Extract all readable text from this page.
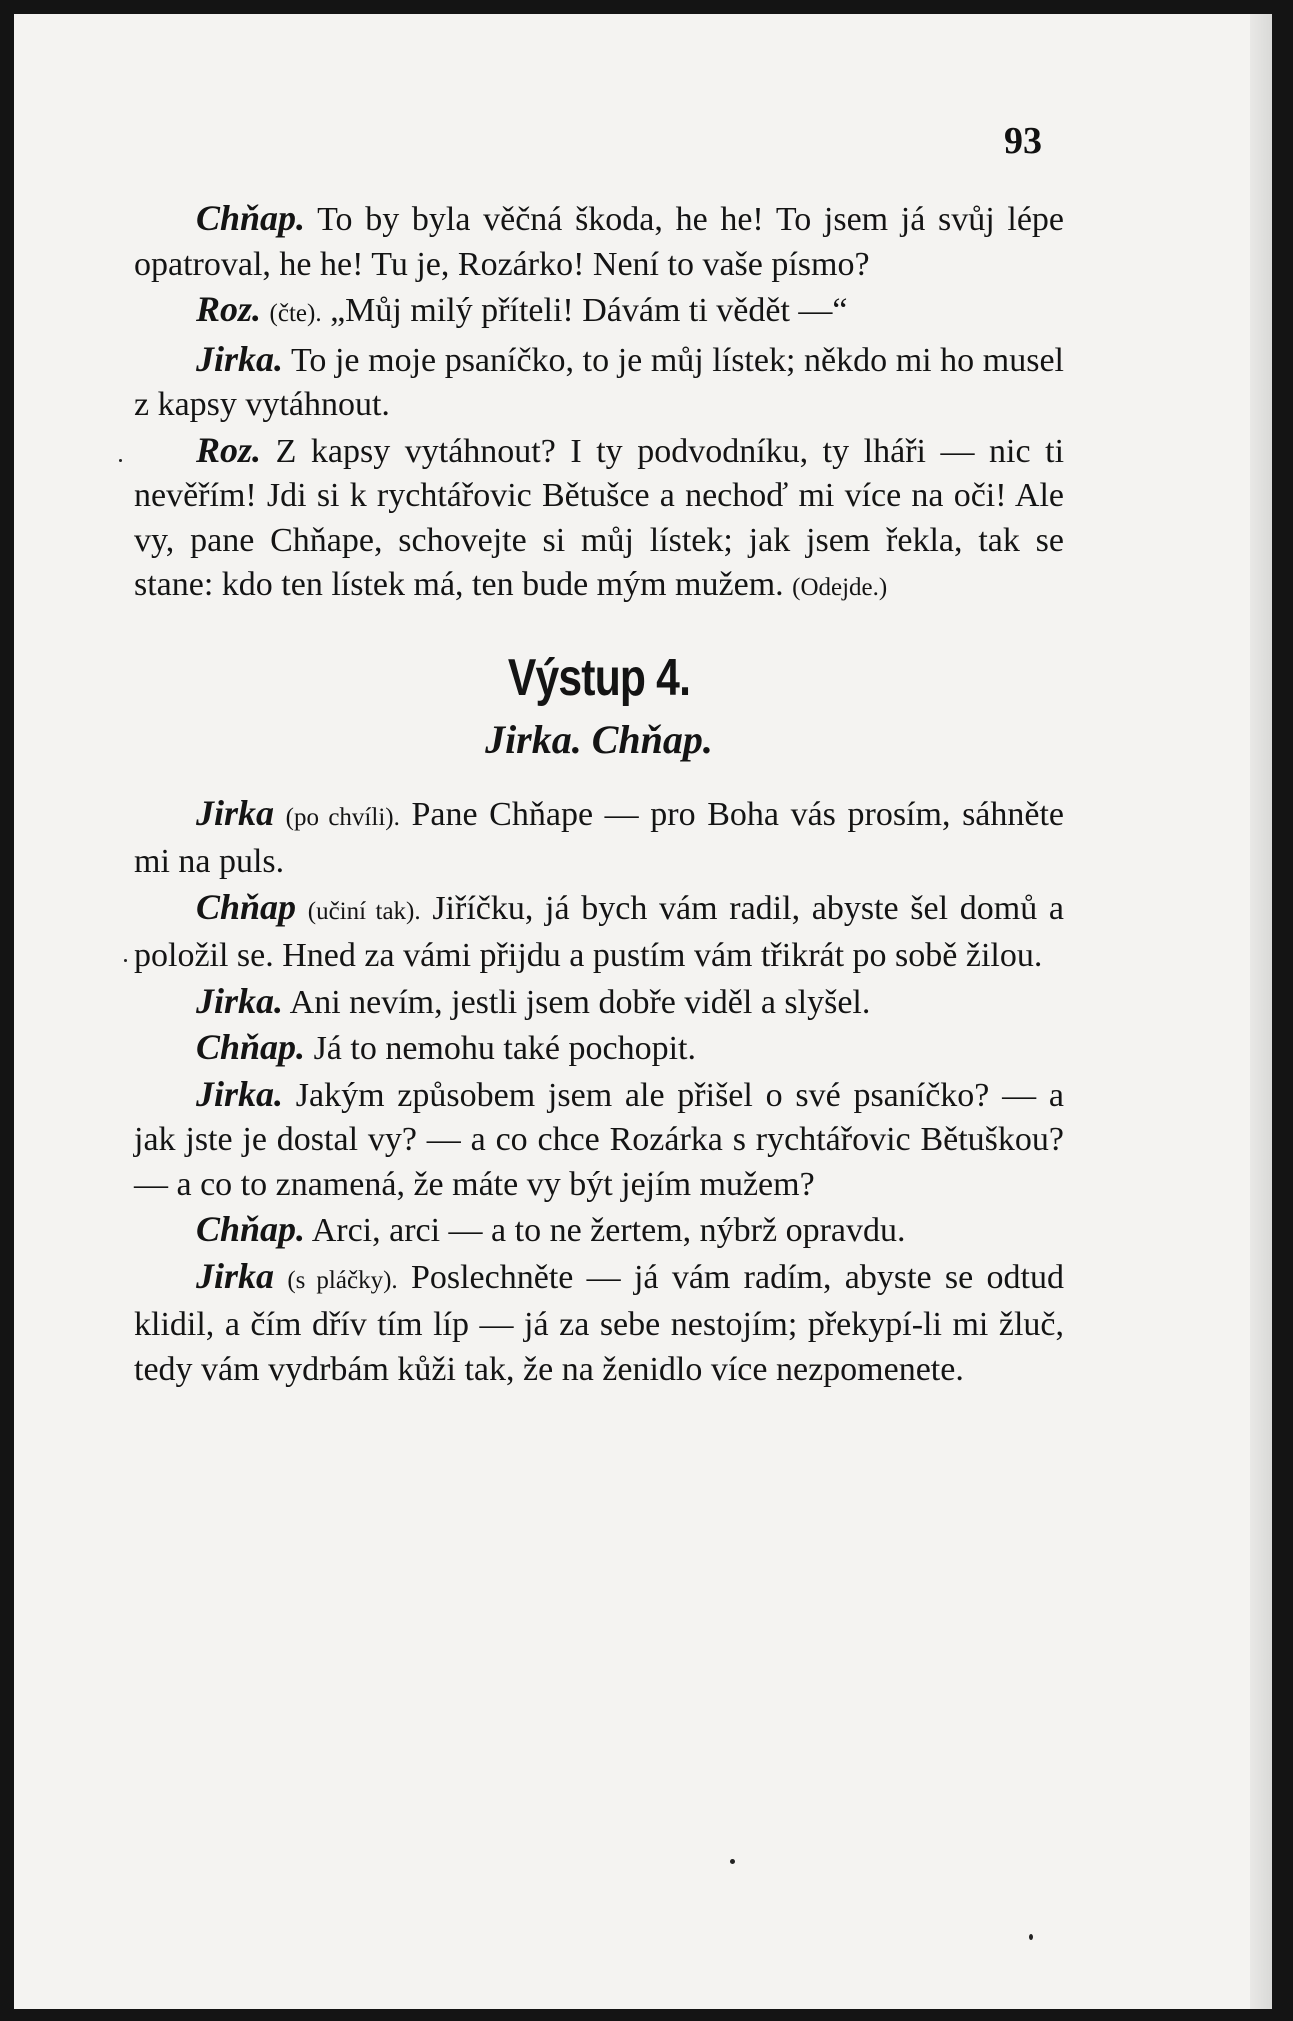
93

Chňap. To by byla věčná škoda, he he! To jsem já svůj lépe opatroval, he he! Tu je, Rozárko! Není to vaše písmo?

Roz. (čte). „Můj milý příteli! Dávám ti vědět —“

Jirka. To je moje psaníčko, to je můj lístek; někdo mi ho musel z kapsy vytáhnout.

Roz. Z kapsy vytáhnout? I ty podvodníku, ty lháři — nic ti nevěřím! Jdi si k rychtářovic Bětušce a nechoď mi více na oči! Ale vy, pane Chňape, schovejte si můj lístek; jak jsem řekla, tak se stane: kdo ten lístek má, ten bude mým mužem. (Odejde.)

Výstup 4.
Jirka. Chňap.

Jirka (po chvíli). Pane Chňape — pro Boha vás prosím, sáhněte mi na puls.

Chňap (učiní tak). Jiříčku, já bych vám radil, abyste šel domů a položil se. Hned za vámi přijdu a pustím vám třikrát po sobě žilou.

Jirka. Ani nevím, jestli jsem dobře viděl a slyšel.

Chňap. Já to nemohu také pochopit.

Jirka. Jakým způsobem jsem ale přišel o své psaníčko? — a jak jste je dostal vy? — a co chce Rozárka s rychtářovic Bětuškou? — a co to znamená, že máte vy být jejím mužem?

Chňap. Arci, arci — a to ne žertem, nýbrž opravdu.

Jirka (s pláčky). Poslechněte — já vám radím, abyste se odtud klidil, a čím dřív tím líp — já za sebe nestojím; překypí-li mi žluč, tedy vám vydrbám kůži tak, že na ženidlo více nezpomenete.
